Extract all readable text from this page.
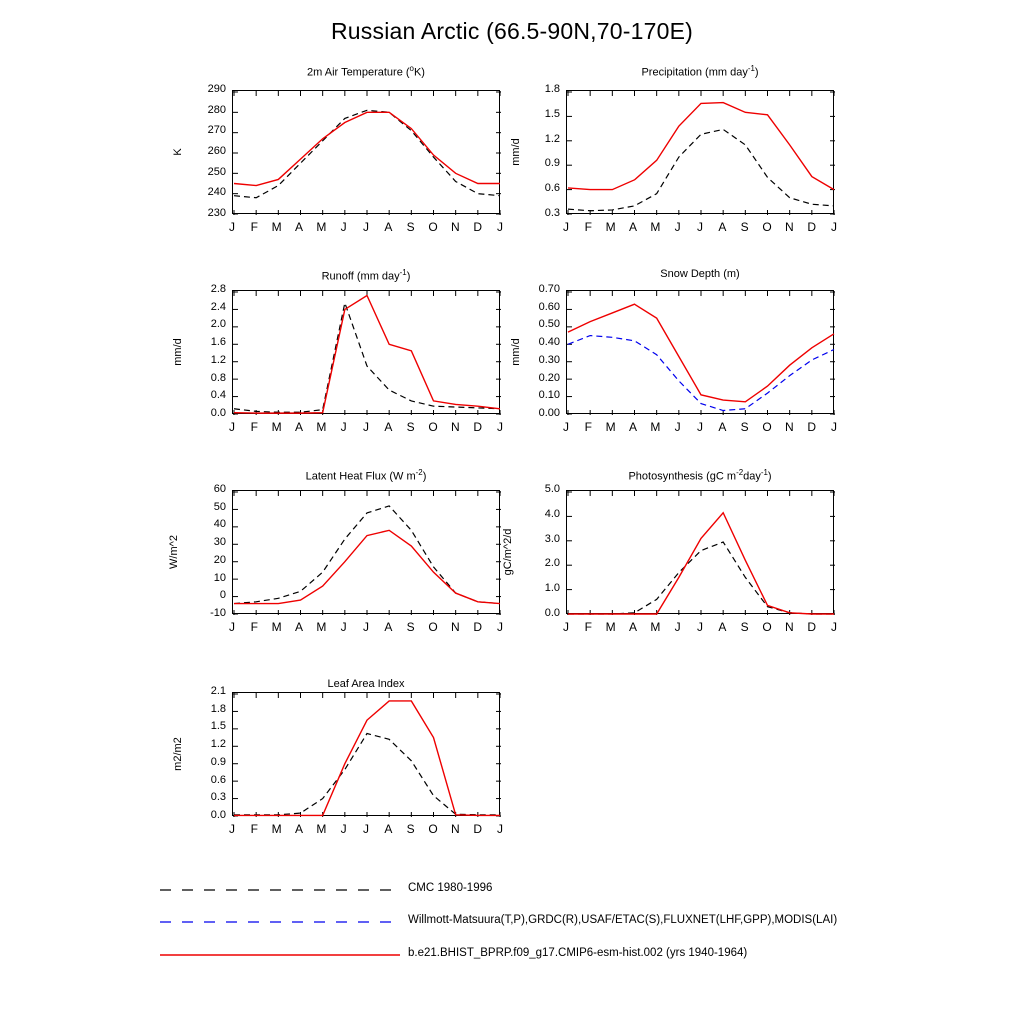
Russian Arctic (66.5-90N,70-170E)
2m Air Temperature ($^o$K)
K
230
240
250
260
270
280
290
J	F	M	A	M	J	J	A	S	O	N	D	J
Precipitation (mm day$^{-1}$)
mm/d
0.3
0.6
0.9
1.2
1.5
1.8
J	F	M	A	M	J	J	A	S	O	N	D	J
Runoff (mm day$^{-1}$)
mm/d
0.0
0.4
0.8
1.2
1.6
2.0
2.4
2.8
J	F	M	A	M	J	J	A	S	O	N	D	J
Snow Depth (m)
mm/d
0.00
0.10
0.20
0.30
0.40
0.50
0.60
0.70
J	F	M	A	M	J	J	A	S	O	N	D	J
Latent Heat Flux (W $m^{-2}$)
W/m^2
-10
0
10
20
30
40
50
60
J	F	M	A	M	J	J	A	S	O	N	D	J
Photosynthesis (gC $m^{-2}day^{-1}$)
gC/m^2/d
0.0
1.0
2.0
3.0
4.0
5.0
J	F	M	A	M	J	J	A	S	O	N	D	J
Leaf Area Index
m2/m2
0.0
0.3
0.6
0.9
1.2
1.5
1.8
2.1
J	F	M	A	M	J	J	A	S	O	N	D	J
CMC 1980-1996
Willmott-Matsuura(T,P),GRDC(R),USAF/ETAC(S),FLUXNET(LHF,GPP),MODIS(LAI)
b.e21.BHIST_BPRP.f09_g17.CMIP6-esm-hist.002 (yrs 1940-1964)
